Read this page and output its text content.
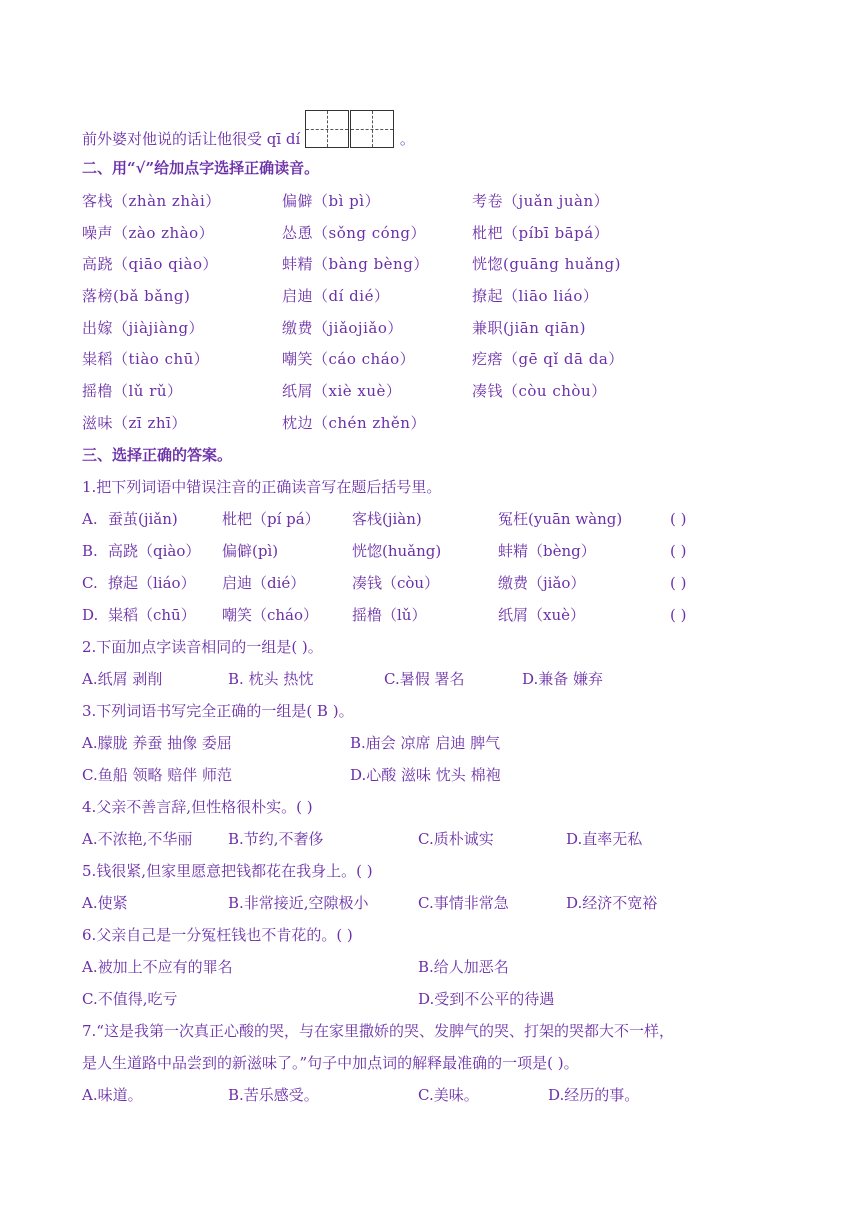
前外婆对他说的话让他很受 qī dí	。
二、用“√”给加点字选择正确读音。
客栈（zhàn zhài）	偏僻（bì pì）	考卷（juǎn juàn）
噪声（zào zhào）	怂恿（sǒng cóng）	枇杷（píbī bāpá）
高跷（qiāo qiào）	蚌精（bàng bèng）	恍惚(guāng huǎng)
落榜(bǎ bǎng)	启迪（dí dié）	撩起（liāo liáo）
出嫁（jiàjiàng）	缴费（jiǎojiǎo）	兼职(jiān qiān)
粜稻（tiào chū）	嘲笑（cáo cháo）	疙瘩（gē qǐ dā da）
摇橹（lǔ rǔ）	纸屑（xiè xuè）	凑钱（còu chòu）
滋味（zī zhī）	枕边（chén zhěn）
三、选择正确的答案。
1.把下列词语中错误注音的正确读音写在题后括号里。
A. 蚕茧(jiǎn)	枇杷（pí pá） 客栈(jiàn)	冤枉(yuān wàng)	( )
B. 高跷（qiào） 偏僻(pì)	恍惚(huǎng)	蚌精（bèng）	( )
C. 撩起（liáo） 启迪（dié）	凑钱（còu）	缴费（jiǎo）	( )
D. 粜稻（chū） 嘲笑（cháo） 摇橹（lǔ）	纸屑（xuè）	( )
2.下面加点字读音相同的一组是( )。
A.纸屑 剥削	B. 枕头 热忱	C.暑假 署名	D.兼备 嫌弃
3.下列词语书写完全正确的一组是( B )。
A.朦胧 养蚕 抽像 委屈	B.庙会 凉席 启迪 脾气
C.鱼船 领略 赔伴 师范	D.心酸 滋味 忱头 棉袍
4.父亲不善言辞,但性格很朴实。( )
A.不浓艳,不华丽 B.节约,不奢侈	C.质朴诚实	D.直率无私
5.钱很紧,但家里愿意把钱都花在我身上。( )
A.使紧	B.非常接近,空隙极小	C.事情非常急	D.经济不宽裕
6.父亲自己是一分冤枉钱也不肯花的。( )
A.被加上不应有的罪名	B.给人加恶名
C.不值得,吃亏	D.受到不公平的待遇
7.“这是我第一次真正心酸的哭，与在家里撒娇的哭、发脾气的哭、打架的哭都大不一样，
是人生道路中品尝到的新滋味了。”句子中加点词的解释最准确的一项是( )。
A.味道。	B.苦乐感受。	C.美味。	D.经历的事。
